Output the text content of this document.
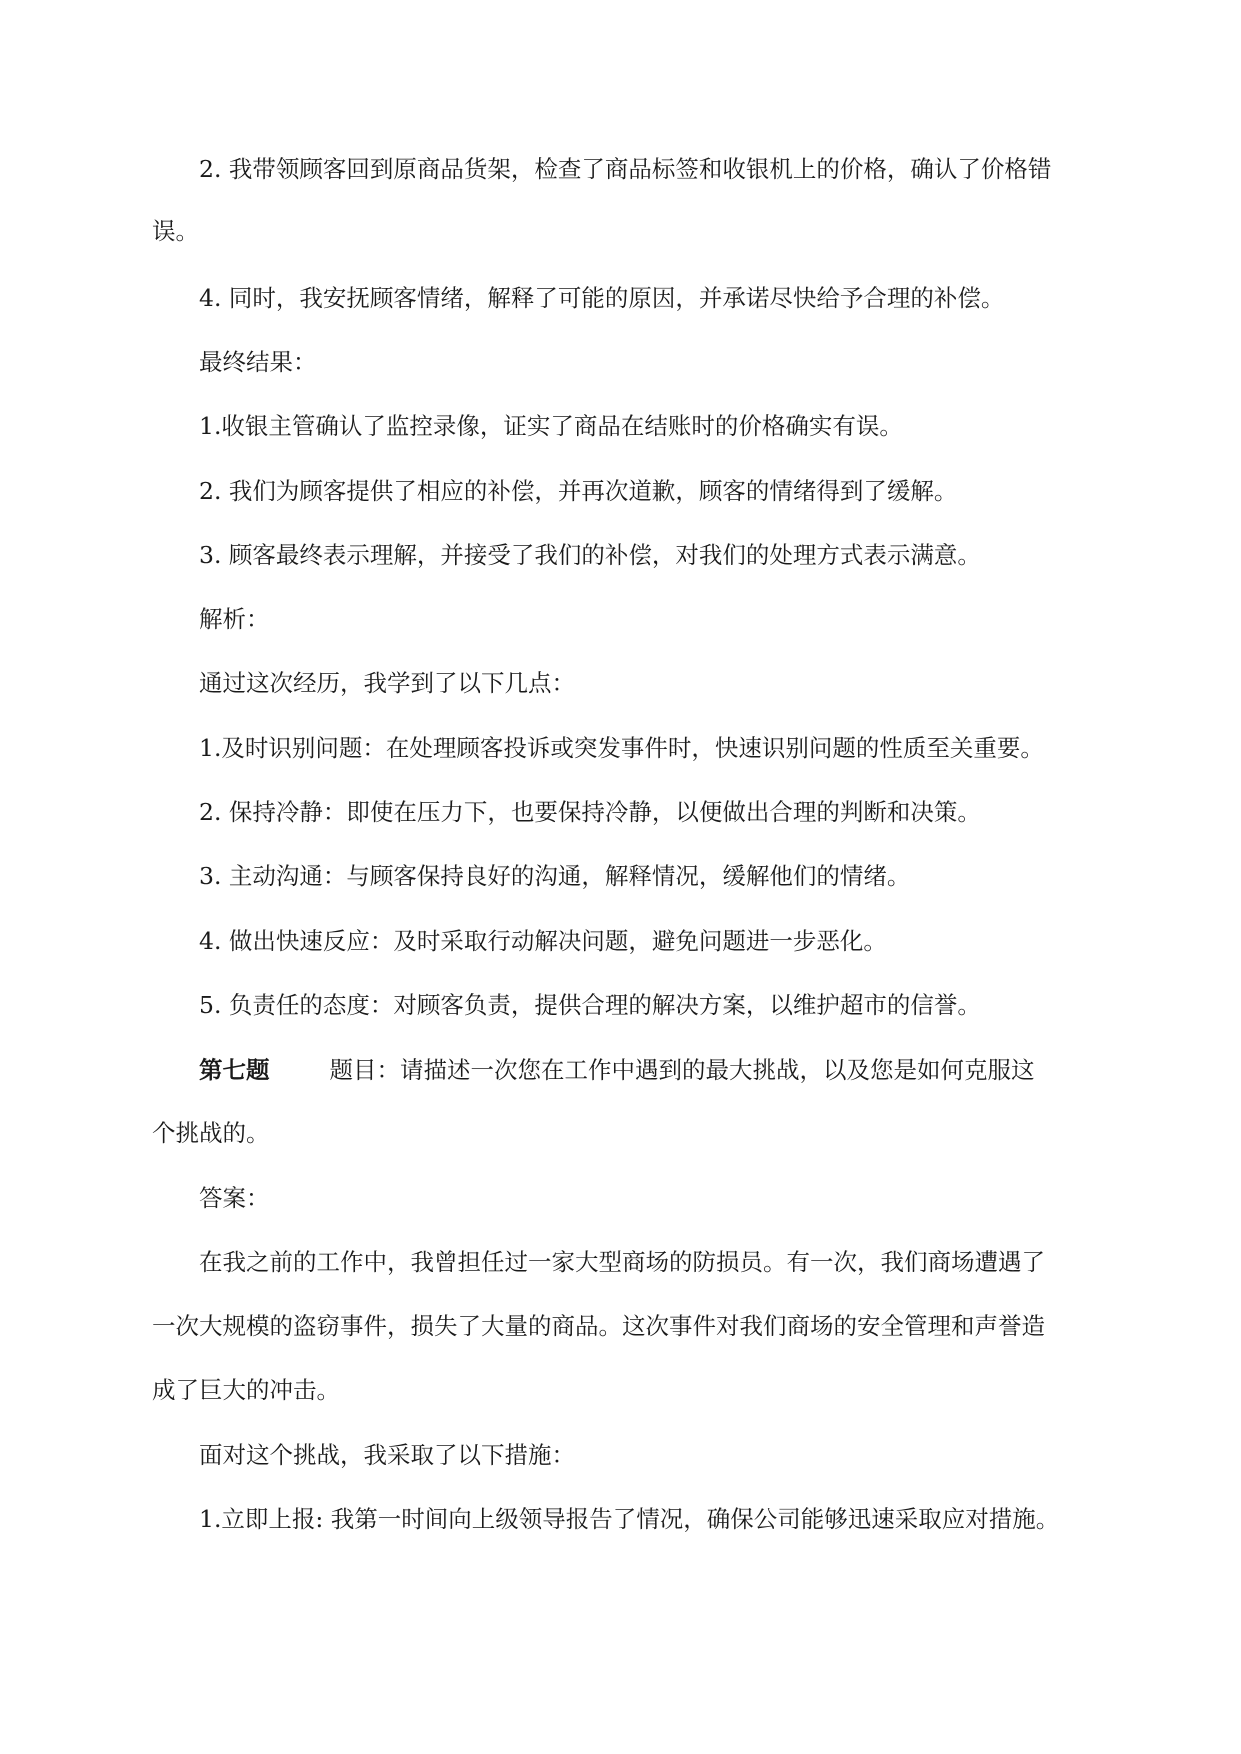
2. 我带领顾客回到原商品货架，检查了商品标签和收银机上的价格，确认了价格错
误。
4. 同时，我安抚顾客情绪，解释了可能的原因，并承诺尽快给予合理的补偿。
最终结果：
1.收银主管确认了监控录像，证实了商品在结账时的价格确实有误。
2. 我们为顾客提供了相应的补偿，并再次道歉，顾客的情绪得到了缓解。
3. 顾客最终表示理解，并接受了我们的补偿，对我们的处理方式表示满意。
解析：
通过这次经历，我学到了以下几点：
1.及时识别问题：在处理顾客投诉或突发事件时，快速识别问题的性质至关重要。
2. 保持冷静：即使在压力下，也要保持冷静，以便做出合理的判断和决策。
3. 主动沟通：与顾客保持良好的沟通，解释情况，缓解他们的情绪。
4. 做出快速反应：及时采取行动解决问题，避免问题进一步恶化。
5. 负责任的态度：对顾客负责，提供合理的解决方案，以维护超市的信誉。
第七题	题目：请描述一次您在工作中遇到的最大挑战，以及您是如何克服这
个挑战的。
答案：
在我之前的工作中，我曾担任过一家大型商场的防损员。有一次，我们商场遭遇了
一次大规模的盗窃事件，损失了大量的商品。这次事件对我们商场的安全管理和声誉造
成了巨大的冲击。
面对这个挑战，我采取了以下措施：
1.立即上报: 我第一时间向上级领导报告了情况，确保公司能够迅速采取应对措施。
